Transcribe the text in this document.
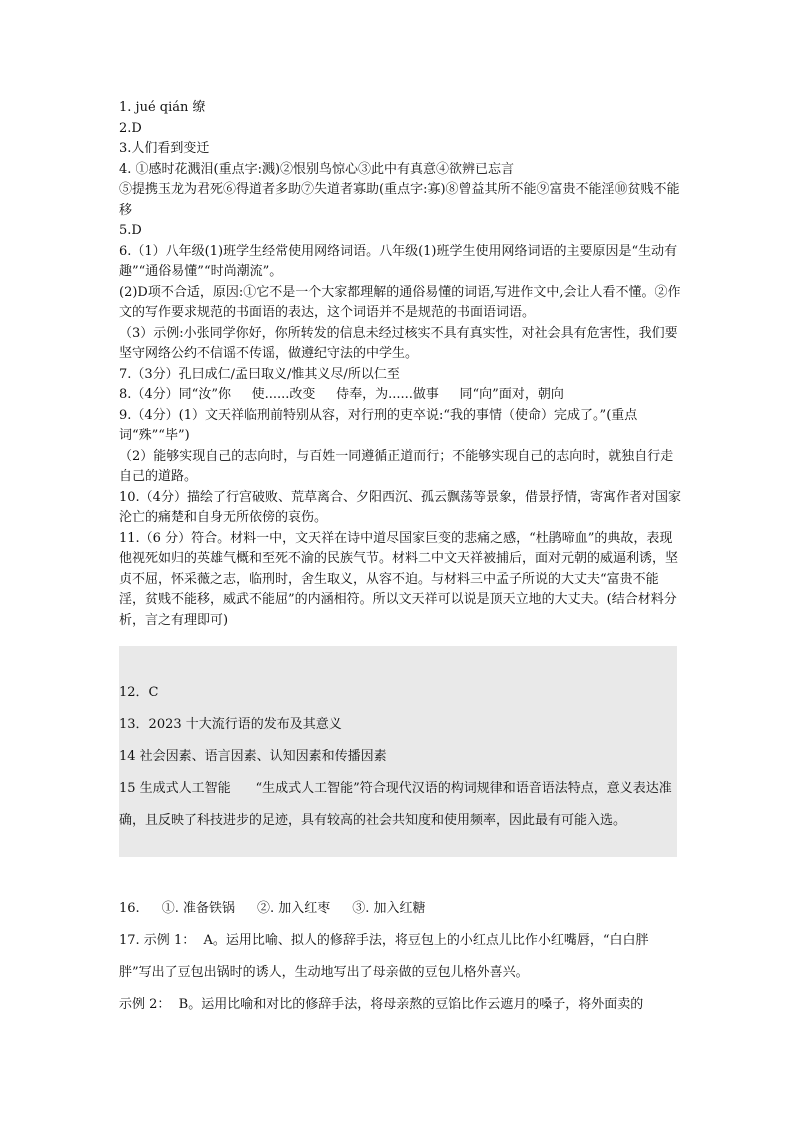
1. jué qián 缭

2.D

3.人们看到变迁

4. ①感时花溅泪(重点字:溅)②恨别鸟惊心③此中有真意④欲辨已忘言

⑤提携玉龙为君死⑥得道者多助⑦失道者寡助(重点字:寡)⑧曾益其所不能⑨富贵不能淫⑩贫贱不能移

5.D

6.（1）八年级(1)班学生经常使用网络词语。八年级(1)班学生使用网络词语的主要原因是“生动有趣”“通俗易懂”“时尚潮流”。

(2)D项不合适，原因:①它不是一个大家都理解的通俗易懂的词语,写进作文中,会让人看不懂。②作文的写作要求规范的书面语的表达，这个词语并不是规范的书面语词语。

（3）示例:小张同学你好，你所转发的信息未经过核实不具有真实性，对社会具有危害性，我们要坚守网络公约不信谣不传谣，做遵纪守法的中学生。

7.（3分）孔曰成仁/孟曰取义/惟其义尽/所以仁至

8.（4分）同“汝”你     使......改变     侍奉，为......做事     同“向”面对，朝向

9.（4分）(1）文天祥临刑前特别从容，对行刑的吏卒说:“我的事情（使命）完成了。”(重点词“殊”“毕”)

（2）能够实现自己的志向时，与百姓一同遵循正道而行；不能够实现自己的志向时，就独自行走自己的道路。

10.（4分）描绘了行宫破败、荒草离合、夕阳西沉、孤云飘荡等景象，借景抒情，寄寓作者对国家沦亡的痛楚和自身无所依傍的哀伤。

11.（6 分）符合。材料一中，文天祥在诗中道尽国家巨变的悲痛之感，“杜鹃啼血”的典故，表现他视死如归的英雄气概和至死不渝的民族气节。材料二中文天祥被捕后，面对元朝的威逼利诱，坚贞不屈，怀采薇之志，临刑时，舍生取义，从容不迫。与材料三中孟子所说的大丈夫“富贵不能淫，贫贱不能移，威武不能屈”的内涵相符。所以文天祥可以说是顶天立地的大丈夫。(结合材料分析，言之有理即可)

12．C

13．2023 十大流行语的发布及其意义

14 社会因素、语言因素、认知因素和传播因素

15 生成式人工智能      “生成式人工智能”符合现代汉语的构词规律和语音语法特点，意义表达准确，且反映了科技进步的足迹，具有较高的社会共知度和使用频率，因此最有可能入选。

16. ①. 准备铁锅 ②. 加入红枣 ③. 加入红糖

17. 示例 1：  A。运用比喻、拟人的修辞手法，将豆包上的小红点儿比作小红嘴唇，“白白胖胖”写出了豆包出锅时的诱人，生动地写出了母亲做的豆包儿格外喜兴。

示例 2：  B。运用比喻和对比的修辞手法，将母亲熬的豆馅比作云遮月的嗓子，将外面卖的
